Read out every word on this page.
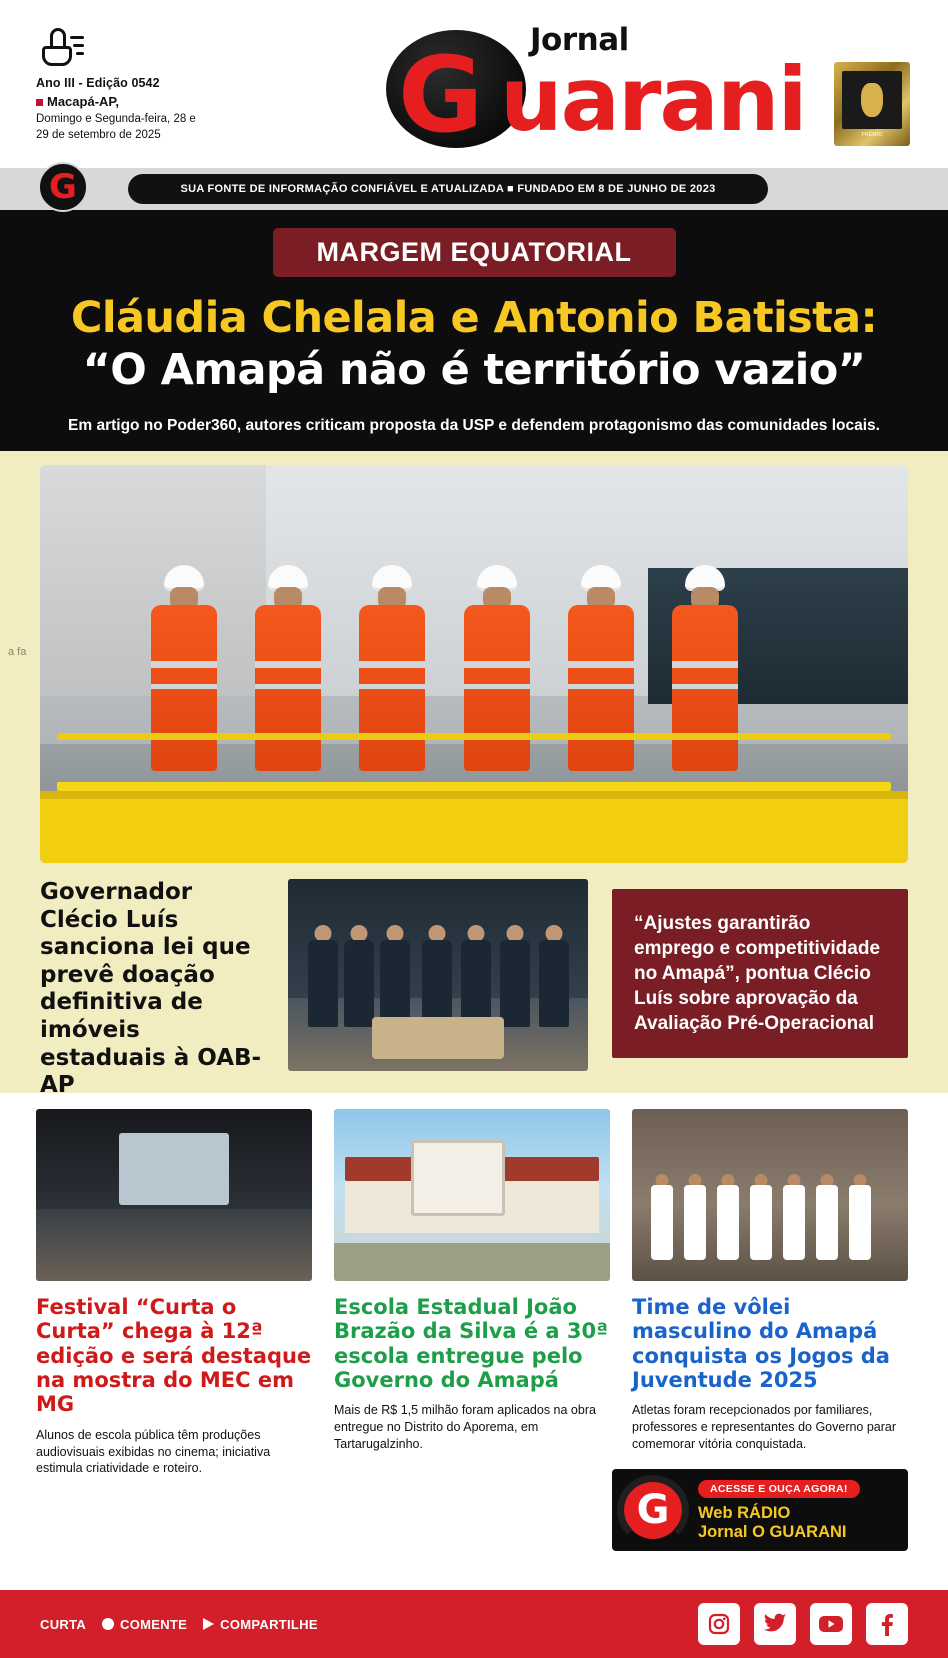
Ano III - Edição 0542
Macapá-AP,
Domingo e Segunda-feira, 28 e 29 de setembro de 2025
Jornal
G uarani	PRÊMIO
G	SUA FONTE DE INFORMAÇÃO CONFIÁVEL E ATUALIZADA ■ FUNDADO EM 8 DE JUNHO DE 2023
MARGEM EQUATORIAL
Cláudia Chelala e Antonio Batista:
“O Amapá não é território vazio”
Em artigo no Poder360, autores criticam proposta da USP e defendem protagonismo das comunidades locais.
a fa
“Ajustes garantirão emprego e competitividade no Amapá”, pontua Clécio Luís sobre aprovação da Avaliação Pré-Operacional
Governador Clécio Luís sanciona lei que prevê doação definitiva de imóveis estaduais à OAB-AP
G	ACESSE E OUÇA AGORA!
Web RÁDIO
Jornal O GUARANI
Festival “Curta o Curta” chega à 12ª edição e será destaque na mostra do MEC em MG
Alunos de escola pública têm produções audiovisuais exibidas no cinema; iniciativa estimula criatividade e roteiro.
Escola Estadual João Brazão da Silva é a 30ª escola entregue pelo Governo do Amapá
Mais de R$ 1,5 milhão foram aplicados na obra entregue no Distrito do Aporema, em Tartarugalzinho.
Time de vôlei masculino do Amapá conquista os Jogos da Juventude 2025
Atletas foram recepcionados por familiares, professores e representantes do Governo parar comemorar vitória conquistada.
CURTA	COMENTE	COMPARTILHE
